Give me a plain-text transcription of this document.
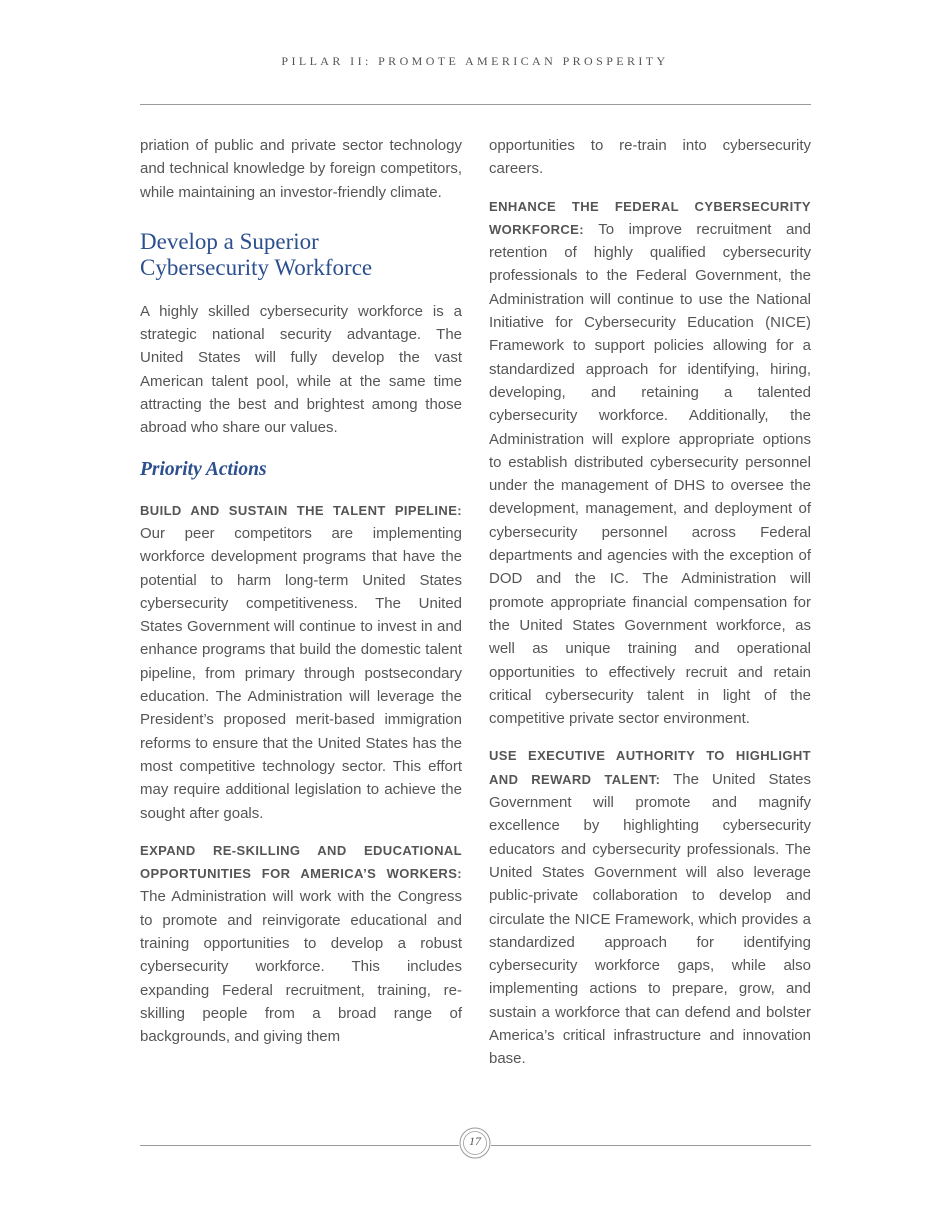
PILLAR II: PROMOTE AMERICAN PROSPERITY

priation of public and private sector technology and technical knowledge by foreign competitors, while maintaining an investor-friendly climate.

Develop a Superior
Cybersecurity Workforce

A highly skilled cybersecurity workforce is a strategic national security advantage. The United States will fully develop the vast American talent pool, while at the same time attracting the best and brightest among those abroad who share our values.

Priority Actions

BUILD AND SUSTAIN THE TALENT PIPELINE: Our peer competitors are implementing workforce development programs that have the potential to harm long-term United States cybersecurity competitiveness. The United States Government will continue to invest in and enhance programs that build the domestic talent pipeline, from primary through postsecondary education. The Administration will leverage the President’s proposed merit-based immigration reforms to ensure that the United States has the most competitive technology sector. This effort may require additional legislation to achieve the sought after goals.

EXPAND RE-SKILLING AND EDUCATIONAL OPPORTUNITIES FOR AMERICA’S WORKERS: The Administration will work with the Congress to promote and reinvigorate educational and training opportunities to develop a robust cybersecurity workforce. This includes expanding Federal recruitment, training, re-skilling people from a broad range of backgrounds, and giving them

opportunities to re-train into cybersecurity careers.

ENHANCE THE FEDERAL CYBERSECURITY WORKFORCE: To improve recruitment and retention of highly qualified cybersecurity professionals to the Federal Government, the Administration will continue to use the National Initiative for Cybersecurity Education (NICE) Framework to support policies allowing for a standardized approach for identifying, hiring, developing, and retaining a talented cybersecurity workforce. Additionally, the Administration will explore appropriate options to establish distributed cybersecurity personnel under the management of DHS to oversee the development, management, and deployment of cybersecurity personnel across Federal departments and agencies with the exception of DOD and the IC. The Administration will promote appropriate financial compensation for the United States Government workforce, as well as unique training and operational opportunities to effectively recruit and retain critical cybersecurity talent in light of the competitive private sector environment.

USE EXECUTIVE AUTHORITY TO HIGHLIGHT AND REWARD TALENT: The United States Government will promote and magnify excellence by highlighting cybersecurity educators and cybersecurity professionals. The United States Government will also leverage public-private collaboration to develop and circulate the NICE Framework, which provides a standardized approach for identifying cybersecurity workforce gaps, while also implementing actions to prepare, grow, and sustain a workforce that can defend and bolster America’s critical infrastructure and innovation base.

17
